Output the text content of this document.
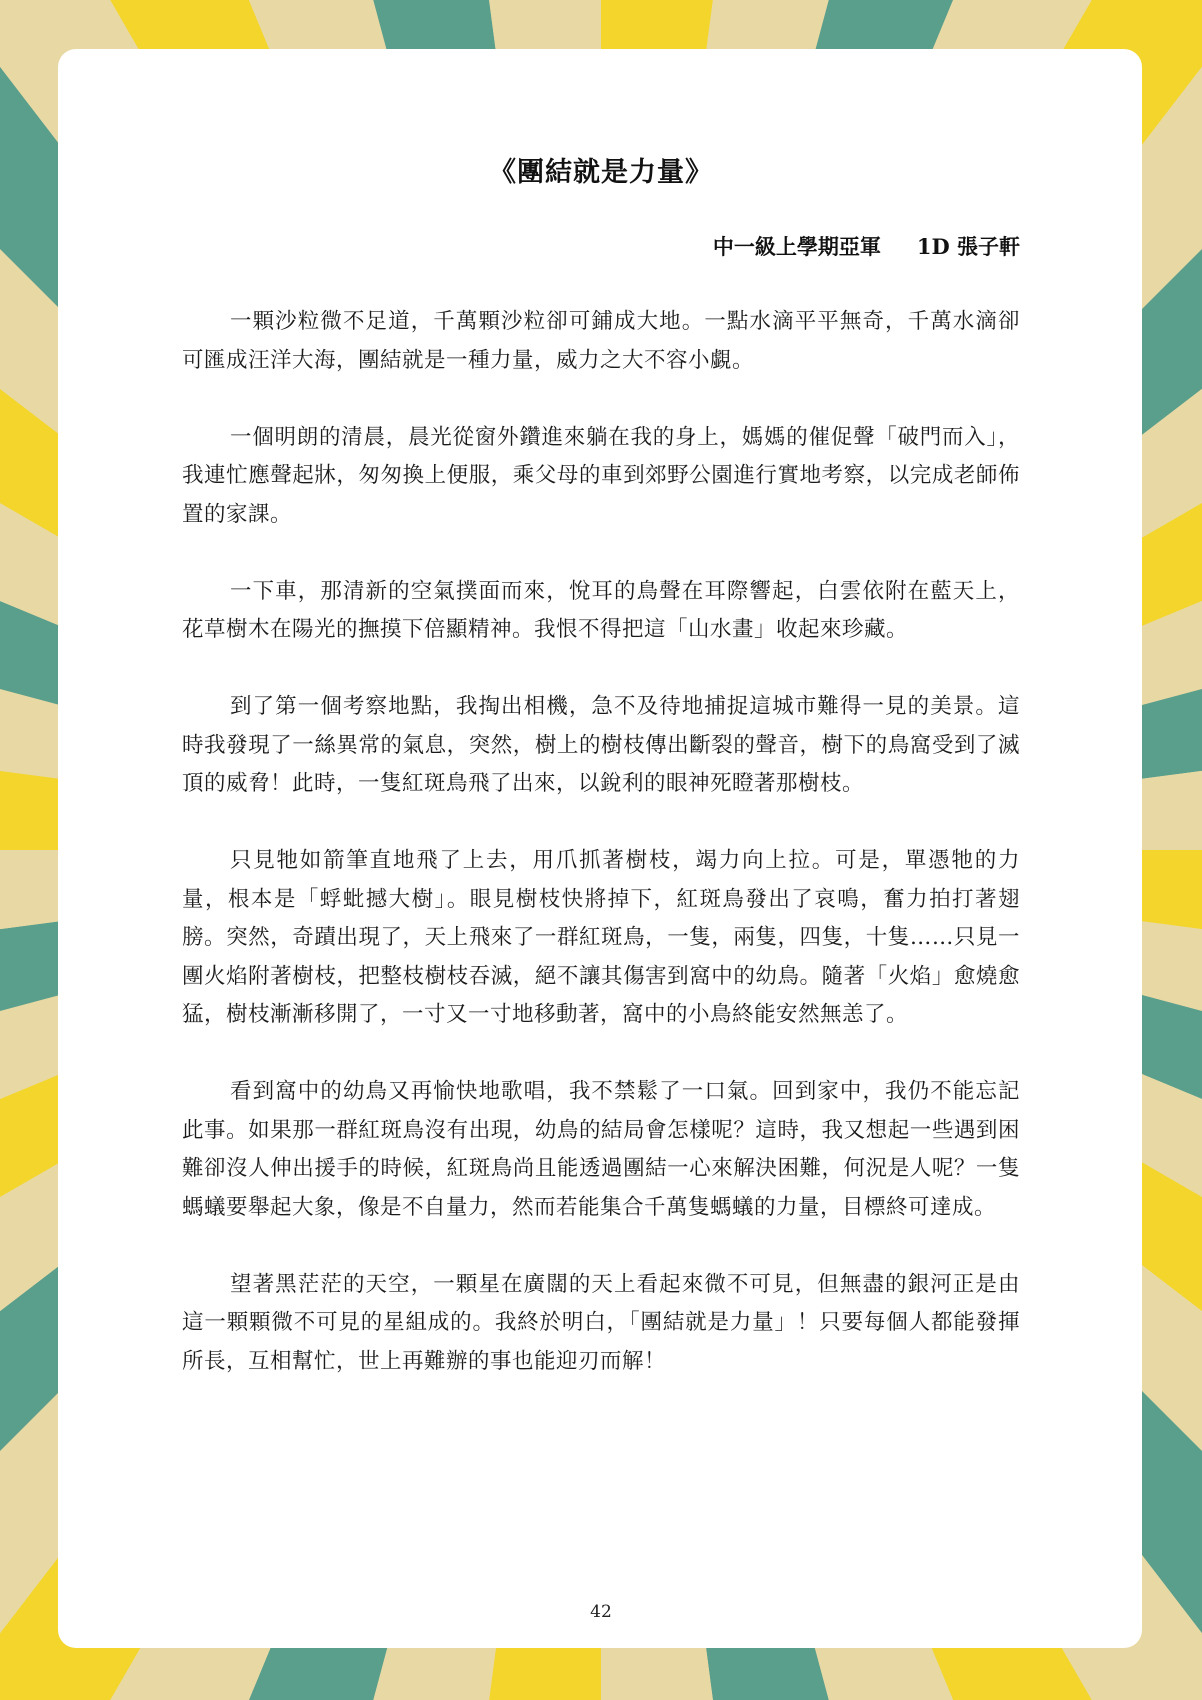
《團結就是力量》
中一級上學期亞軍 1D 張子軒

一顆沙粒微不足道，千萬顆沙粒卻可鋪成大地。一點水滴平平無奇，千萬水滴卻可匯成汪洋大海，團結就是一種力量，威力之大不容小覷。

一個明朗的清晨，晨光從窗外鑽進來躺在我的身上，媽媽的催促聲「破門而入」，我連忙應聲起牀，匆匆換上便服，乘父母的車到郊野公園進行實地考察，以完成老師佈置的家課。

一下車，那清新的空氣撲面而來，悅耳的鳥聲在耳際響起，白雲依附在藍天上，花草樹木在陽光的撫摸下倍顯精神。我恨不得把這「山水畫」收起來珍藏。

到了第一個考察地點，我掏出相機，急不及待地捕捉這城市難得一見的美景。這時我發現了一絲異常的氣息，突然，樹上的樹枝傳出斷裂的聲音，樹下的鳥窩受到了滅頂的威脅！此時，一隻紅斑鳥飛了出來，以銳利的眼神死瞪著那樹枝。

只見牠如箭筆直地飛了上去，用爪抓著樹枝，竭力向上拉。可是，單憑牠的力量，根本是「蜉蚍撼大樹」。眼見樹枝快將掉下，紅斑鳥發出了哀鳴，奮力拍打著翅膀。突然，奇蹟出現了，天上飛來了一群紅斑鳥，一隻，兩隻，四隻，十隻……只見一團火焰附著樹枝，把整枝樹枝吞滅，絕不讓其傷害到窩中的幼鳥。隨著「火焰」愈燒愈猛，樹枝漸漸移開了，一寸又一寸地移動著，窩中的小鳥終能安然無恙了。

看到窩中的幼鳥又再愉快地歌唱，我不禁鬆了一口氣。回到家中，我仍不能忘記此事。如果那一群紅斑鳥沒有出現，幼鳥的結局會怎樣呢？這時，我又想起一些遇到困難卻沒人伸出援手的時候，紅斑鳥尚且能透過團結一心來解決困難，何況是人呢？一隻螞蟻要舉起大象，像是不自量力，然而若能集合千萬隻螞蟻的力量，目標終可達成。

望著黑茫茫的天空，一顆星在廣闊的天上看起來微不可見，但無盡的銀河正是由這一顆顆微不可見的星組成的。我終於明白，「團結就是力量」！只要每個人都能發揮所長，互相幫忙，世上再難辦的事也能迎刃而解！

42
